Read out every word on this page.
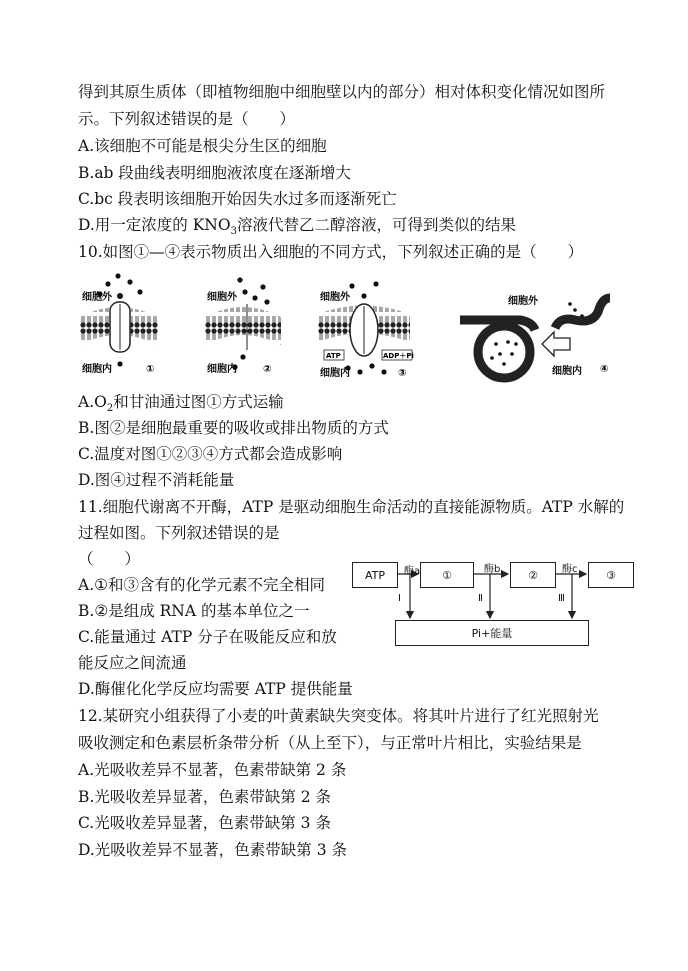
得到其原生质体（即植物细胞中细胞壁以内的部分）相对体积变化情况如图所
示。下列叙述错误的是（　　）
A.该细胞不可能是根尖分生区的细胞
B.ab 段曲线表明细胞液浓度在逐渐增大
C.bc 段表明该细胞开始因失水过多而逐渐死亡
D.用一定浓度的 $KNO_3$溶液代替乙二醇溶液，可得到类似的结果
10.如图①—④表示物质出入细胞的不同方式，下列叙述正确的是（　　）
细胞外
细胞内	①
细胞外
细胞内	②
ATP	ADP＋Pi
细胞外
细胞内	③
细胞外
细胞内 ④
$A.O_2$和甘油通过图①方式运输
B.图②是细胞最重要的吸收或排出物质的方式
C.温度对图①②③④方式都会造成影响
D.图④过程不消耗能量
11.细胞代谢离不开酶，ATP 是驱动细胞生命活动的直接能源物质。ATP 水解的
过程如图。下列叙述错误的是
（　　）
A.①和③含有的化学元素不完全相同
B.②是组成 RNA 的基本单位之一
C.能量通过 ATP 分子在吸能反应和放
能反应之间流通
D.酶催化化学反应均需要 ATP 提供能量
ATP	①	②	③
Pi+能量
酶a	酶b	酶c
Ⅰ	Ⅱ	Ⅲ
12.某研究小组获得了小麦的叶黄素缺失突变体。将其叶片进行了红光照射光
吸收测定和色素层析条带分析（从上至下），与正常叶片相比，实验结果是
A.光吸收差异不显著，色素带缺第 2 条
B.光吸收差异显著，色素带缺第 2 条
C.光吸收差异显著，色素带缺第 3 条
D.光吸收差异不显著，色素带缺第 3 条
